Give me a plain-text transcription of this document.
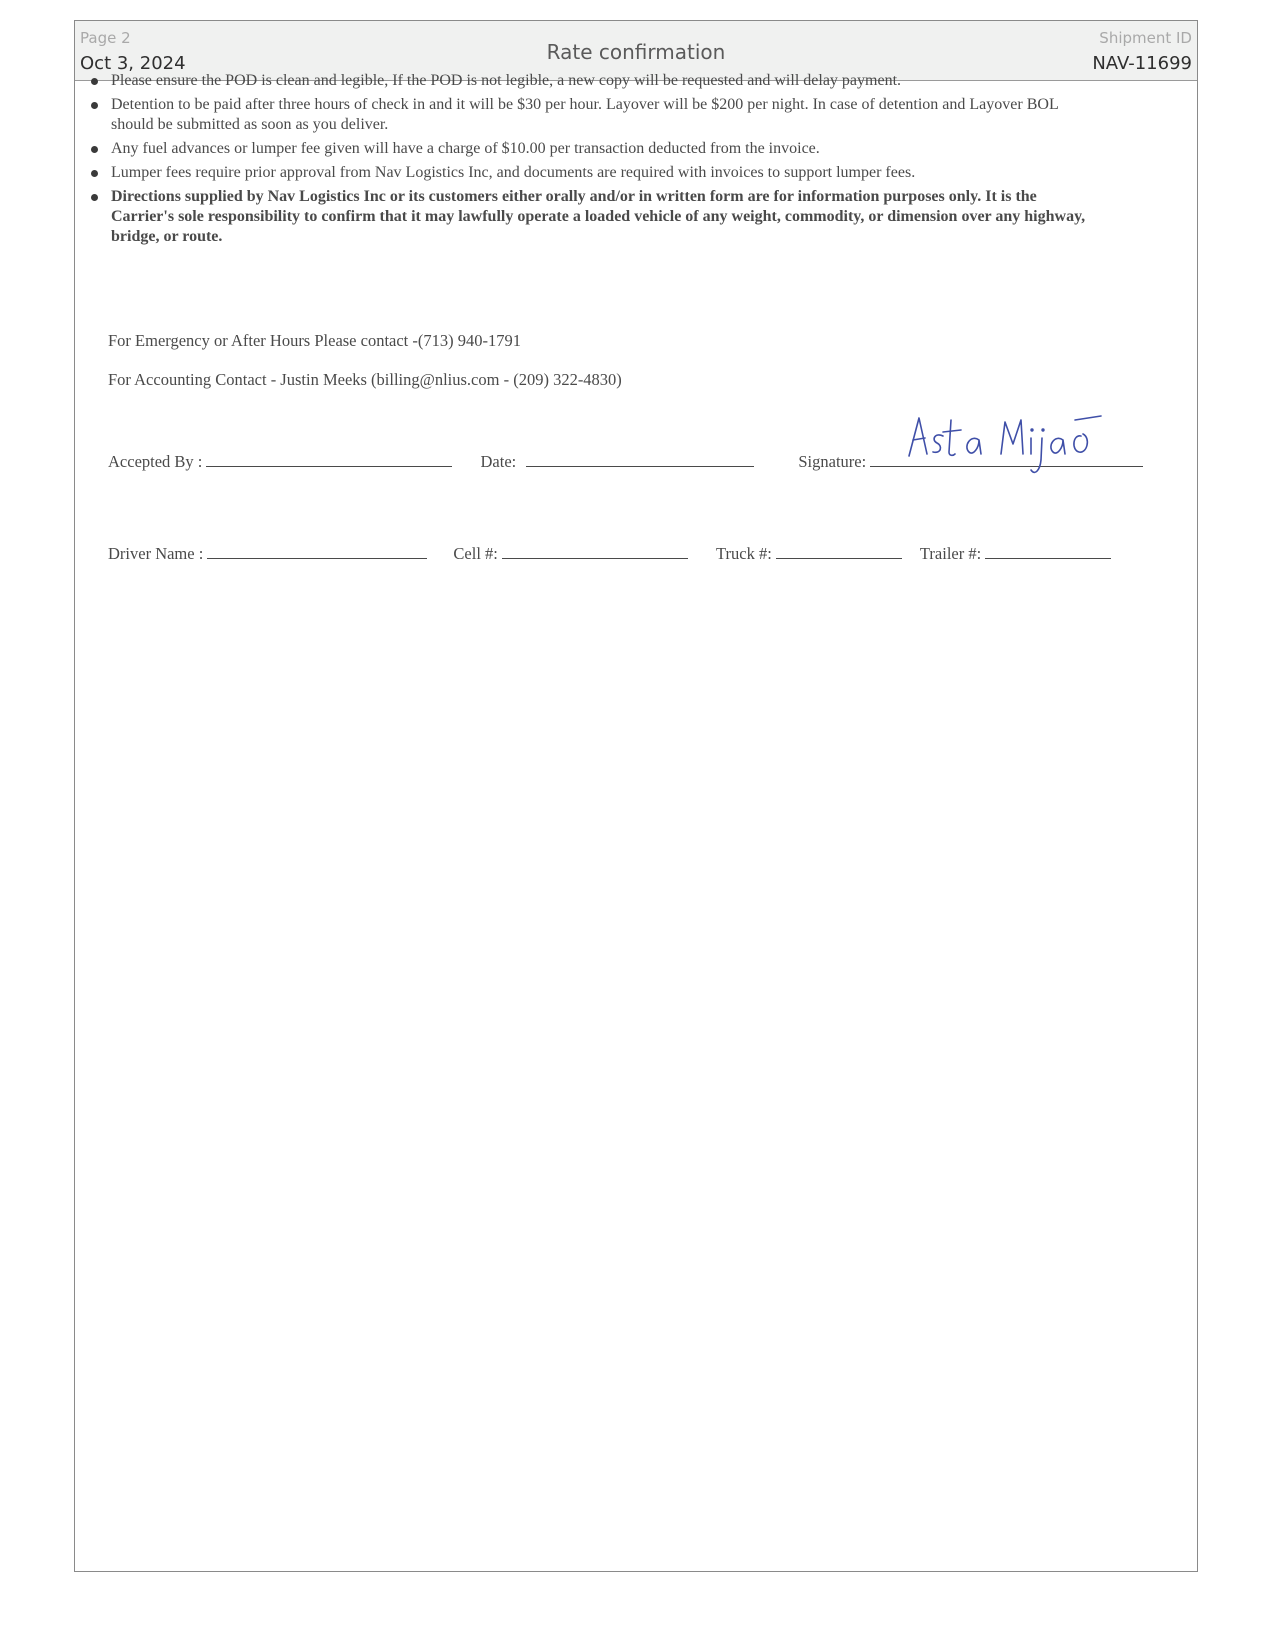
Page 2
Oct 3, 2024	Rate confirmation
Shipment ID
NAV-11699
Please ensure the POD is clean and legible, If the POD is not legible, a new copy will be requested and will delay payment.
Detention to be paid after three hours of check in and it will be $30 per hour. Layover will be $200 per night. In case of detention and Layover BOL should be submitted as soon as you deliver.
Any fuel advances or lumper fee given will have a charge of $10.00 per transaction deducted from the invoice.
Lumper fees require prior approval from Nav Logistics Inc, and documents are required with invoices to support lumper fees.
Directions supplied by Nav Logistics Inc or its customers either orally and/or in written form are for information purposes only. It is the Carrier's sole responsibility to confirm that it may lawfully operate a loaded vehicle of any weight, commodity, or dimension over any highway, bridge, or route.
For Emergency or After Hours Please contact -(713) 940-1791
For Accounting Contact - Justin Meeks (billing@nlius.com - (209) 322-4830)
Accepted By :	Date:	Signature:
Driver Name :	Cell #:	Truck #:	Trailer #:
